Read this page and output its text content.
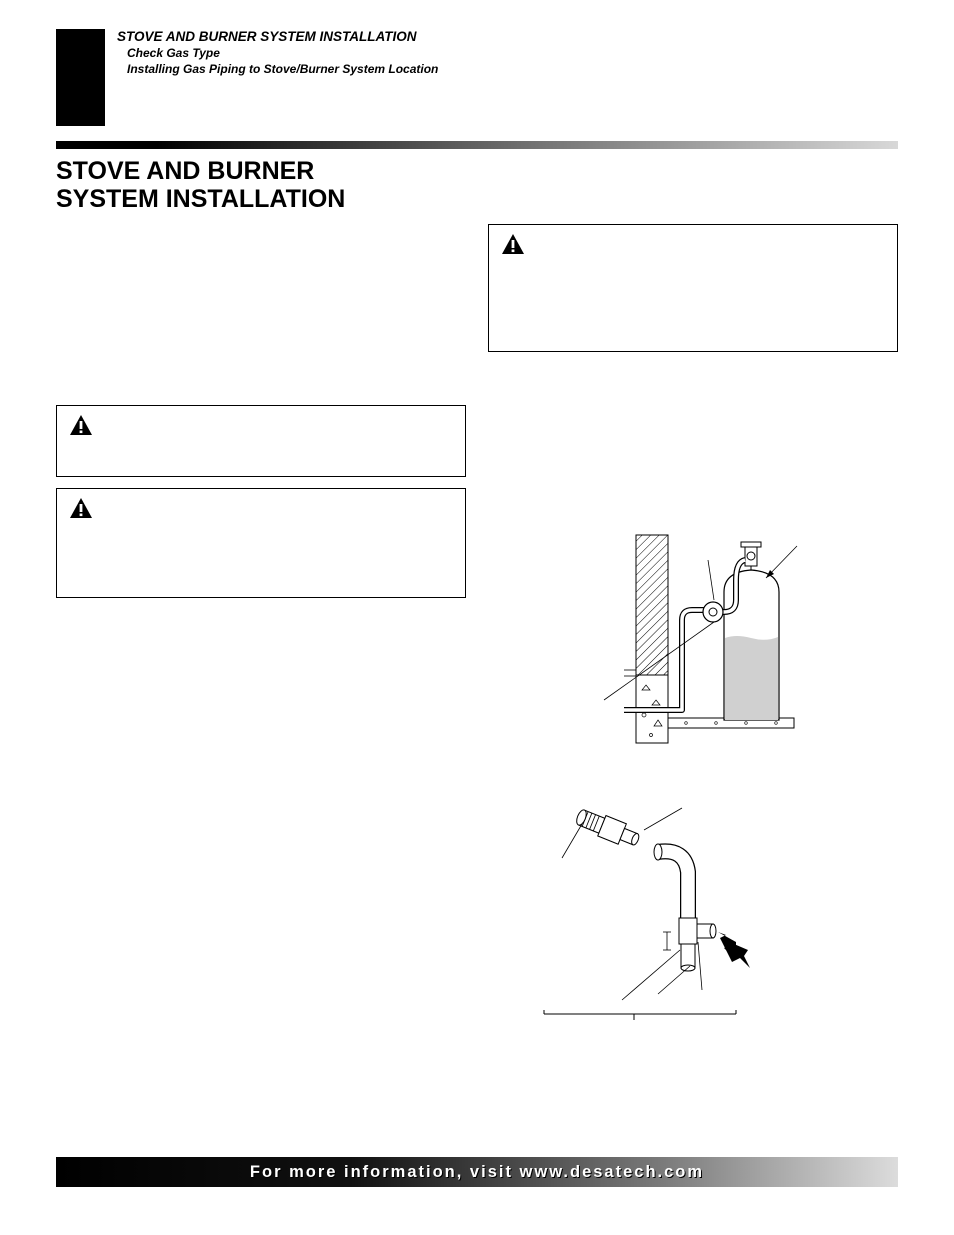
STOVE AND BURNER SYSTEM INSTALLATION
Check Gas Type
Installing Gas Piping to Stove/Burner System Location
STOVE AND BURNER
SYSTEM INSTALLATION
For more information, visit www.desatech.com
